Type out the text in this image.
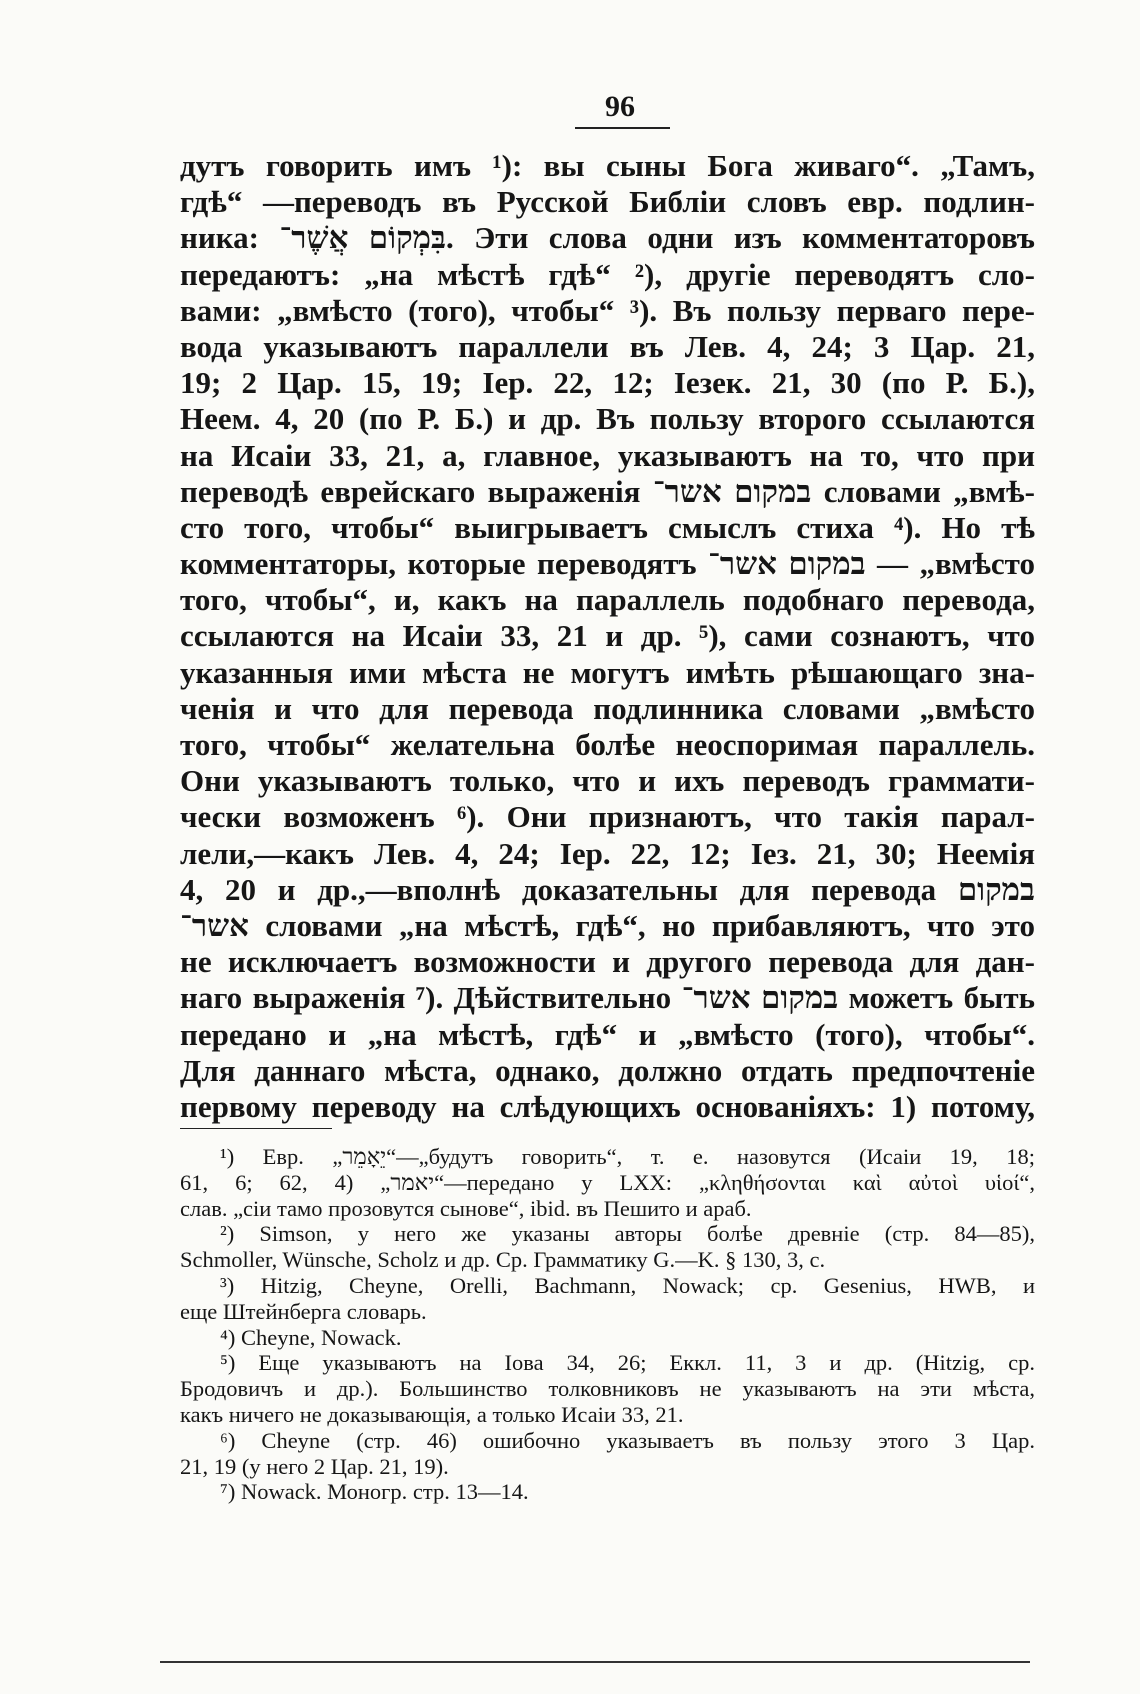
96
дутъ говорить имъ ¹): вы сыны Бога живаго“. „Тамъ,
гдѣ“ —переводъ въ Русской Библіи словъ евр. подлин-
ника: בִּמְקוֹם אֲשֶׁר־. Эти слова одни изъ комментаторовъ
передаютъ: „на мѣстѣ гдѣ“ ²), другіе переводятъ сло-
вами: „вмѣсто (того), чтобы“ ³). Въ пользу перваго пере-
вода указываютъ параллели въ Лев. 4, 24; 3 Цар. 21,
19; 2 Цар. 15, 19; Іер. 22, 12; Іезек. 21, 30 (по Р. Б.),
Неем. 4, 20 (по Р. Б.) и др. Въ пользу второго ссылаются
на Исаіи 33, 21, а, главное, указываютъ на то, что при
переводѣ еврейскаго выраженія במקום אשר־ словами „вмѣ-
сто того, чтобы“ выигрываетъ смыслъ стиха ⁴). Но тѣ
комментаторы, которые переводятъ במקום אשר־ — „вмѣсто
того, чтобы“, и, какъ на параллель подобнаго перевода,
ссылаются на Исаіи 33, 21 и др. ⁵), сами сознаютъ, что
указанныя ими мѣста не могутъ имѣть рѣшающаго зна-
ченія и что для перевода подлинника словами „вмѣсто
того, чтобы“ желательна болѣе неоспоримая параллель.
Они указываютъ только, что и ихъ переводъ граммати-
чески возможенъ ⁶). Они признаютъ, что такія парал-
лели,—какъ Лев. 4, 24; Іер. 22, 12; Іез. 21, 30; Неемія
4, 20 и др.,—вполнѣ доказательны для перевода במקום
אשר־ словами „на мѣстѣ, гдѣ“, но прибавляютъ, что это
не исключаетъ возможности и другого перевода для дан-
наго выраженія ⁷). Дѣйствительно במקום אשר־ можетъ быть
передано и „на мѣстѣ, гдѣ“ и „вмѣсто (того), чтобы“.
Для даннаго мѣста, однако, должно отдать предпочтеніе
первому переводу на слѣдующихъ основаніяхъ: 1) потому,
¹) Евр. „יֵאָמֵר“—„будутъ говорить“, т. е. назовутся (Исаіи 19, 18;
61, 6; 62, 4) „יאמר“—передано у LXX: „κληθήσονται καὶ αὐτοὶ υἱοί“,
слав. „сіи тамо прозовутся сынове“, ibid. въ Пешито и араб.
²) Simson, у него же указаны авторы болѣе древніе (стр. 84—85),
Schmoller, Wünsche, Scholz и др. Ср. Грамматику G.—K. § 130, 3, c.
³) Hitzig, Cheyne, Orelli, Bachmann, Nowack; cp. Gesenius, HWB, и
еще Штейнберга словарь.
⁴) Cheyne, Nowack.
⁵) Еще указываютъ на Іова 34, 26; Еккл. 11, 3 и др. (Hitzig, cp.
Бродовичъ и др.). Большинство толковниковъ не указываютъ на эти мѣста,
какъ ничего не доказывающія, а только Исаіи 33, 21.
⁶) Cheyne (стр. 46) ошибочно указываетъ въ пользу этого 3 Цар.
21, 19 (у него 2 Цар. 21, 19).
⁷) Nowack. Моногр. стр. 13—14.
